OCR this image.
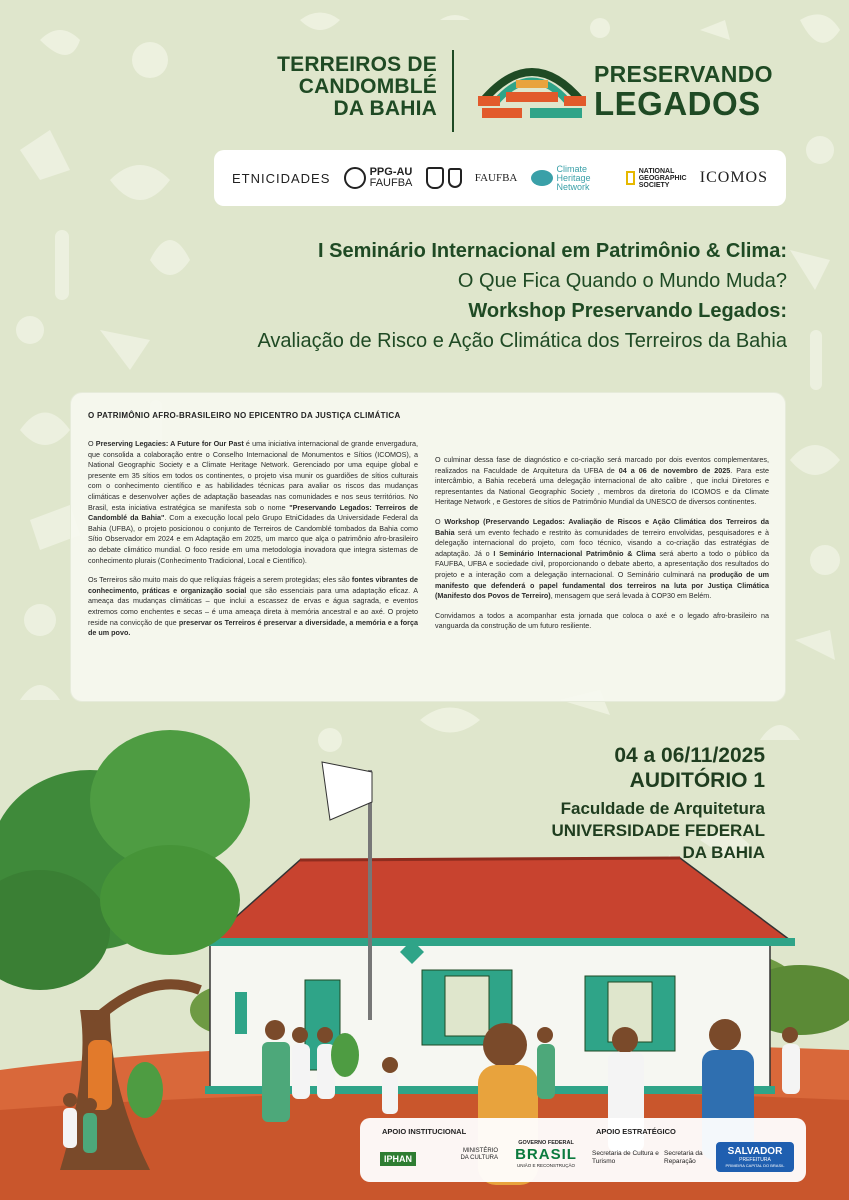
TERREIROS DE
CANDOMBLÉ
DA BAHIA
PRESERVANDO
LEGADOS
ETNICIDADES	PPG-AU
FAUFBA	FAUFBA
Climate Heritage Network
NATIONAL
GEOGRAPHIC
SOCIETY	ICOMOS
I Seminário Internacional em Patrimônio & Clima:
O Que Fica Quando o Mundo Muda?
Workshop Preservando Legados:
Avaliação de Risco e Ação Climática dos Terreiros da Bahia
O PATRIMÔNIO AFRO-BRASILEIRO NO EPICENTRO DA JUSTIÇA CLIMÁTICA

O Preserving Legacies: A Future for Our Past é uma iniciativa internacional de grande envergadura, que consolida a colaboração entre o Conselho Internacional de Monumentos e Sítios (ICOMOS), a National Geographic Society e a Climate Heritage Network. Gerenciado por uma equipe global e presente em 35 sítios em todos os continentes, o projeto visa munir os guardiões de sítios culturais com o conhecimento científico e as habilidades técnicas para avaliar os riscos das mudanças climáticas e desenvolver ações de adaptação baseadas nas comunidades e nos seus territórios. No Brasil, esta iniciativa estratégica se manifesta sob o nome "Preservando Legados: Terreiros de Candomblé da Bahia". Com a execução local pelo Grupo EtniCidades da Universidade Federal da Bahia (UFBA), o projeto posicionou o conjunto de Terreiros de Candomblé tombados da Bahia como Sítio Observador em 2024 e em Adaptação em 2025, um marco que alça o patrimônio afro-brasileiro ao debate climático mundial. O foco reside em uma metodologia inovadora que integra sistemas de conhecimento plurais (Conhecimento Tradicional, Local e Científico).

Os Terreiros são muito mais do que relíquias frágeis a serem protegidas; eles são fontes vibrantes de conhecimento, práticas e organização social que são essenciais para uma adaptação eficaz. A ameaça das mudanças climáticas – que inclui a escassez de ervas e água sagrada, e eventos extremos como enchentes e secas – é uma ameaça direta à memória ancestral e ao axé. O projeto reside na convicção de que preservar os Terreiros é preservar a diversidade, a memória e a força de um povo.

O culminar dessa fase de diagnóstico e co-criação será marcado por dois eventos complementares, realizados na Faculdade de Arquitetura da UFBA de 04 a 06 de novembro de 2025. Para este intercâmbio, a Bahia receberá uma delegação internacional de alto calibre , que inclui Diretores e representantes da National Geographic Society , membros da diretoria do ICOMOS e da Climate Heritage Network , e Gestores de sítios de Patrimônio Mundial da UNESCO de diversos continentes.

O Workshop (Preservando Legados: Avaliação de Riscos e Ação Climática dos Terreiros da Bahia será um evento fechado e restrito às comunidades de terreiro envolvidas, pesquisadores e à delegação internacional do projeto, com foco técnico, visando a co-criação das estratégias de adaptação. Já o I Seminário Internacional Patrimônio & Clima será aberto a todo o público da FAUFBA, UFBA e sociedade civil, proporcionando o debate aberto, a apresentação dos resultados do projeto e a interação com a delegação internacional. O Seminário culminará na produção de um manifesto que defenderá o papel fundamental dos terreiros na luta por Justiça Climática (Manifesto dos Povos de Terreiro), mensagem que será levada à COP30 em Belém.

Convidamos a todos a acompanhar esta jornada que coloca o axé e o legado afro-brasileiro na vanguarda da construção de um futuro resiliente.

04 a 06/11/2025
AUDITÓRIO 1
Faculdade de Arquitetura
UNIVERSIDADE FEDERAL
DA BAHIA
APOIO INSTITUCIONAL	APOIO ESTRATÉGICO
IPHAN
MINISTÉRIO DA CULTURA
GOVERNO FEDERAL
BRASIL
UNIÃO E RECONSTRUÇÃO
Secretaria de Cultura e Turismo
Secretaria da Reparação
SALVADOR
PREFEITURA
PRIMEIRA CAPITAL DO BRASIL
